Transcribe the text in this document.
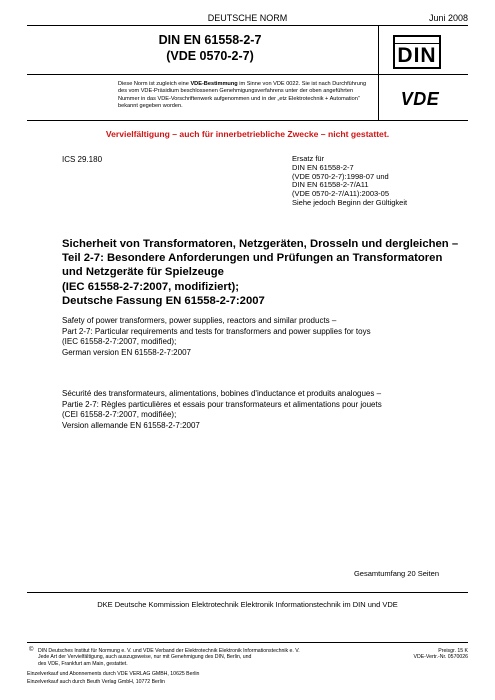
DEUTSCHE NORM	Juni 2008
DIN EN 61558-2-7
(VDE 0570-2-7)	DIN
VDE
Diese Norm ist zugleich eine VDE-Bestimmung im Sinne von VDE 0022. Sie ist nach Durchführung des vom VDE-Präsidium beschlossenen Genehmigungsverfahrens unter der oben angeführten Nummer in das VDE-Vorschriftenwerk aufgenommen und in der „etz Elektrotechnik + Automation“ bekannt gegeben worden.
Vervielfältigung – auch für innerbetriebliche Zwecke – nicht gestattet.
ICS 29.180	Ersatz für
DIN EN 61558-2-7
(VDE 0570-2-7):1998-07 und
DIN EN 61558-2-7/A11
(VDE 0570-2-7/A11):2003-05
Siehe jedoch Beginn der Gültigkeit
Sicherheit von Transformatoren, Netzgeräten, Drosseln und dergleichen –
Teil 2-7: Besondere Anforderungen und Prüfungen an Transformatoren
und Netzgeräte für Spielzeuge
(IEC 61558-2-7:2007, modifiziert);
Deutsche Fassung EN 61558-2-7:2007
Safety of power transformers, power supplies, reactors and similar products –
Part 2-7: Particular requirements and tests for transformers and power supplies for toys
(IEC 61558-2-7:2007, modified);
German version EN 61558-2-7:2007
Sécurité des transformateurs, alimentations, bobines d'inductance et produits analogues –
Partie 2-7: Règles particulières et essais pour transformateurs et alimentations pour jouets
(CEI 61558-2-7:2007, modifiée);
Version allemande EN 61558-2-7:2007
Gesamtumfang 20 Seiten
DKE Deutsche Kommission Elektrotechnik Elektronik Informationstechnik im DIN und VDE
© DIN Deutsches Institut für Normung e. V. und VDE Verband der Elektrotechnik Elektronik Informationstechnik e. V.
Jede Art der Vervielfältigung, auch auszugsweise, nur mit Genehmigung des DIN, Berlin, und
des VDE, Frankfurt am Main, gestattet.
Preisgr. 15 K
VDE-Vertr.-Nr. 0570026
Einzelverkauf und Abonnements durch VDE VERLAG GMBH, 10625 Berlin
Einzelverkauf auch durch Beuth Verlag GmbH, 10772 Berlin
